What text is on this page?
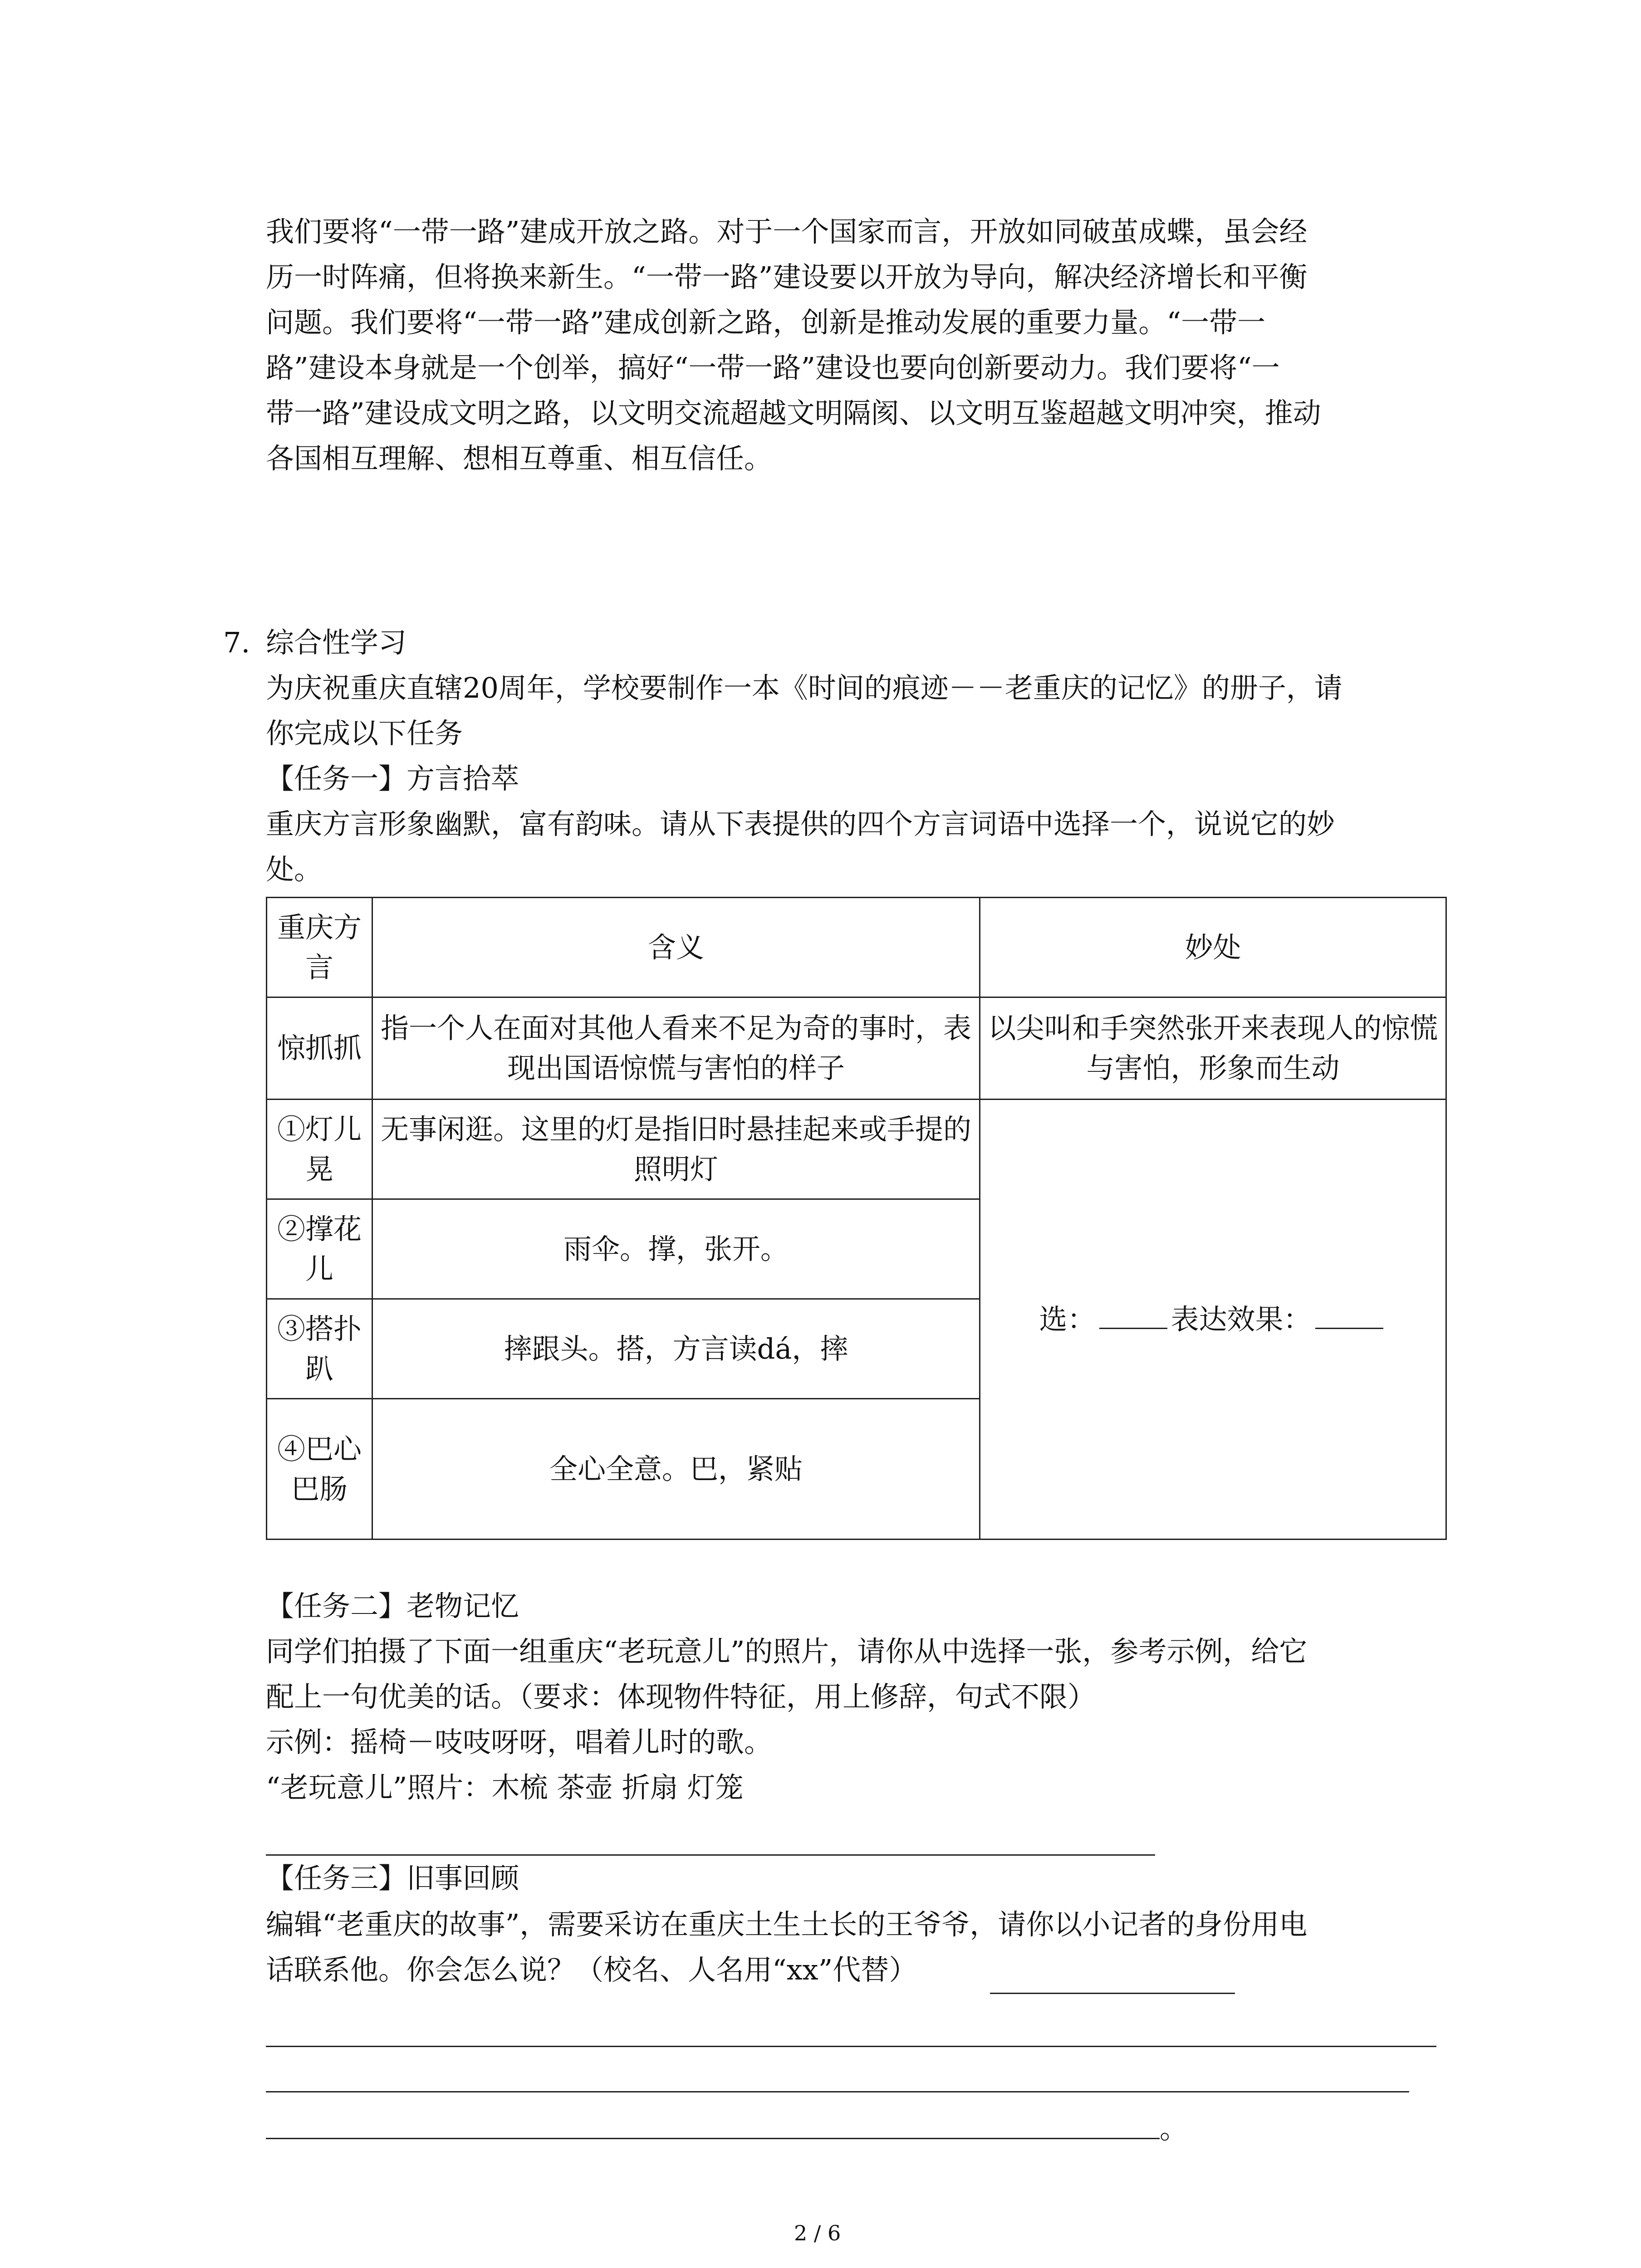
我们要将“一带一路”建成开放之路。对于一个国家而言，开放如同破茧成蝶，虽会经
历一时阵痛，但将换来新生。“一带一路”建设要以开放为导向，解决经济增长和平衡
问题。我们要将“一带一路”建成创新之路，创新是推动发展的重要力量。“一带一
路”建设本身就是一个创举，搞好“一带一路”建设也要向创新要动力。我们要将“一
带一路”建设成文明之路，以文明交流超越文明隔阂、以文明互鉴超越文明冲突，推动
各国相互理解、想相互尊重、相互信任。
7. 综合性学习
为庆祝重庆直辖20周年，学校要制作一本《时间的痕迹－－老重庆的记忆》的册子，请
你完成以下任务
【任务一】方言拾萃
重庆方言形象幽默，富有韵味。请从下表提供的四个方言词语中选择一个，说说它的妙
处。
重庆方言	含义	妙处
惊抓抓	指一个人在面对其他人看来不足为奇的事时，表现出国语惊慌与害怕的样子	以尖叫和手突然张开来表现人的惊慌与害怕，形象而生动
①灯儿晃	无事闲逛。这里的灯是指旧时悬挂起来或手提的照明灯	选： 表达效果：
②撑花儿	雨伞。撑，张开。	
③搭扑趴	摔跟头。搭，方言读dá，摔	
④巴心巴肠	全心全意。巴，紧贴	
【任务二】老物记忆
同学们拍摄了下面一组重庆“老玩意儿”的照片，请你从中选择一张，参考示例，给它
配上一句优美的话。（要求：体现物件特征，用上修辞，句式不限）
示例：摇椅－吱吱呀呀，唱着儿时的歌。
“老玩意儿”照片：木梳 茶壶 折扇 灯笼
【任务三】旧事回顾
编辑“老重庆的故事”，需要采访在重庆土生土长的王爷爷，请你以小记者的身份用电
话联系他。你会怎么说？（校名、人名用“xx”代替）
。
2 / 6
